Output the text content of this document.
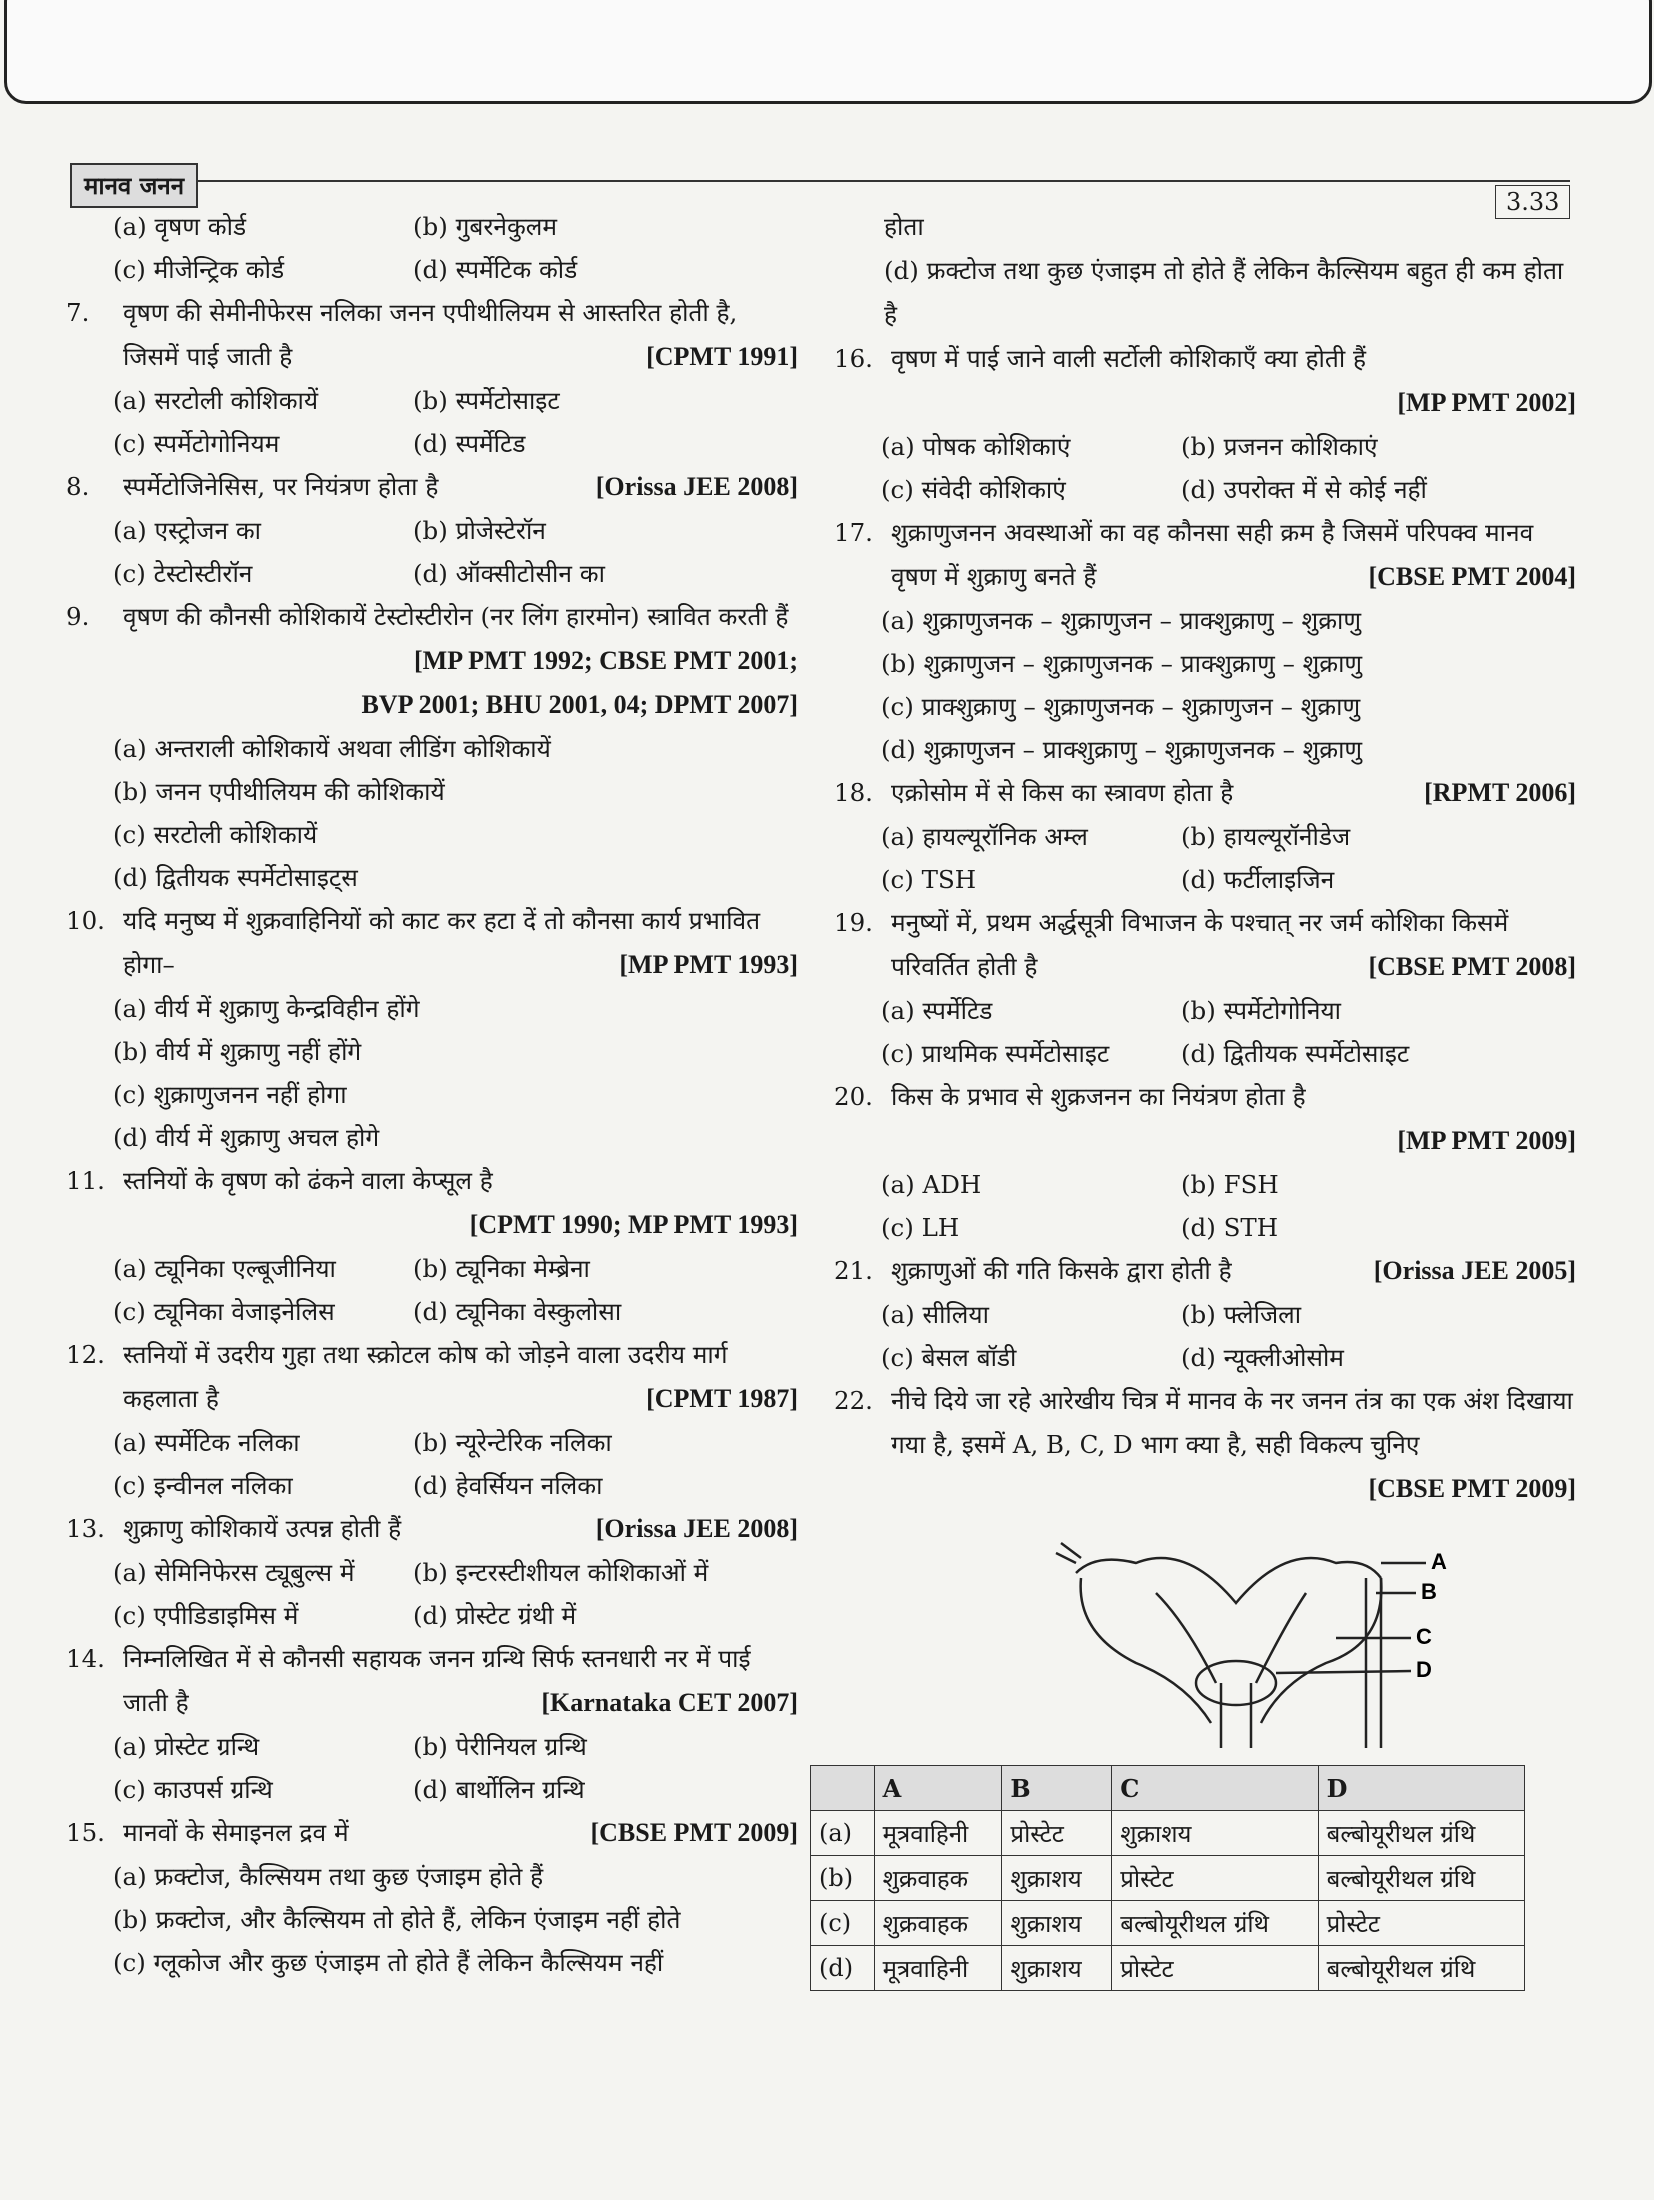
मानव जनन
3.33
(a) वृषण कोर्ड	(b) गुबरनेकुलम
(c) मीजेन्ट्रिक कोर्ड	(d) स्पर्मेटिक कोर्ड
7. वृषण की सेमीनीफेरस नलिका जनन एपीथीलियम से आस्तरित होती है, जिसमें पाई जाती है	[CPMT 1991]
(a) सरटोली कोशिकायें	(b) स्पर्मेटोसाइट
(c) स्पर्मेटोगोनियम	(d) स्पर्मेटिड
8. स्पर्मेटोजिनेसिस, पर नियंत्रण होता है	[Orissa JEE 2008]
(a) एस्ट्रोजन का	(b) प्रोजेस्टेरॉन
(c) टेस्टोस्टीरॉन	(d) ऑक्सीटोसीन का
9. वृषण की कौनसी कोशिकायें टेस्टोस्टीरोन (नर लिंग हारमोन) स्त्रावित करती हैं
[MP PMT 1992; CBSE PMT 2001;
BVP 2001; BHU 2001, 04; DPMT 2007]
(a) अन्तराली कोशिकायें अथवा लीडिंग कोशिकायें
(b) जनन एपीथीलियम की कोशिकायें
(c) सरटोली कोशिकायें
(d) द्वितीयक स्पर्मेटोसाइट्स
10. यदि मनुष्य में शुक्रवाहिनियों को काट कर हटा दें तो कौनसा कार्य प्रभावित होगा–	[MP PMT 1993]
(a) वीर्य में शुक्राणु केन्द्रविहीन होंगे
(b) वीर्य में शुक्राणु नहीं होंगे
(c) शुक्राणुजनन नहीं होगा
(d) वीर्य में शुक्राणु अचल होगे
11. स्तनियों के वृषण को ढंकने वाला केप्सूल है
[CPMT 1990; MP PMT 1993]
(a) ट्यूनिका एल्बूजीनिया	(b) ट्यूनिका मेम्ब्रेना
(c) ट्यूनिका वेजाइनेलिस	(d) ट्यूनिका वेस्कुलोसा
12. स्तनियों में उदरीय गुहा तथा स्क्रोटल कोष को जोड़ने वाला उदरीय मार्ग कहलाता है	[CPMT 1987]
(a) स्पर्मेटिक नलिका	(b) न्यूरेन्टेरिक नलिका
(c) इन्वीनल नलिका	(d) हेवर्सियन नलिका
13. शुक्राणु कोशिकायें उत्पन्न होती हैं	[Orissa JEE 2008]
(a) सेमिनिफेरस ट्यूबुल्स में	(b) इन्टरस्टीशीयल कोशिकाओं में
(c) एपीडिडाइमिस में	(d) प्रोस्टेट ग्रंथी में
14. निम्नलिखित में से कौनसी सहायक जनन ग्रन्थि सिर्फ स्तनधारी नर में पाई जाती है	[Karnataka CET 2007]
(a) प्रोस्टेट ग्रन्थि	(b) पेरीनियल ग्रन्थि
(c) काउपर्स ग्रन्थि	(d) बार्थोलिन ग्रन्थि
15. मानवों के सेमाइनल द्रव में	[CBSE PMT 2009]
(a) फ्रक्टोज, कैल्सियम तथा कुछ एंजाइम होते हैं
(b) फ्रक्टोज, और कैल्सियम तो होते हैं, लेकिन एंजाइम नहीं होते
(c) ग्लूकोज और कुछ एंजाइम तो होते हैं लेकिन कैल्सियम नहीं
होता
(d) फ्रक्टोज तथा कुछ एंजाइम तो होते हैं लेकिन कैल्सियम बहुत ही कम होता है
16. वृषण में पाई जाने वाली सर्टोली कोशिकाएँ क्या होती हैं
[MP PMT 2002]
(a) पोषक कोशिकाएं	(b) प्रजनन कोशिकाएं
(c) संवेदी कोशिकाएं	(d) उपरोक्त में से कोई नहीं
17. शुक्राणुजनन अवस्थाओं का वह कौनसा सही क्रम है जिसमें परिपक्व मानव वृषण में शुक्राणु बनते हैं	[CBSE PMT 2004]
(a) शुक्राणुजनक – शुक्राणुजन – प्राक्शुक्राणु – शुक्राणु
(b) शुक्राणुजन – शुक्राणुजनक – प्राक्शुक्राणु – शुक्राणु
(c) प्राक्शुक्राणु – शुक्राणुजनक – शुक्राणुजन – शुक्राणु
(d) शुक्राणुजन – प्राक्शुक्राणु – शुक्राणुजनक – शुक्राणु
18. एक्रोसोम में से किस का स्त्रावण होता है	[RPMT 2006]
(a) हायल्यूरॉनिक अम्ल	(b) हायल्यूरॉनीडेज
(c) TSH	(d) फर्टीलाइजिन
19. मनुष्यों में, प्रथम अर्द्धसूत्री विभाजन के पश्चात् नर जर्म कोशिका किसमें परिवर्तित होती है	[CBSE PMT 2008]
(a) स्पर्मेटिड	(b) स्पर्मेटोगोनिया
(c) प्राथमिक स्पर्मेटोसाइट	(d) द्वितीयक स्पर्मेटोसाइट
20. किस के प्रभाव से शुक्रजनन का नियंत्रण होता है
[MP PMT 2009]
(a) ADH	(b) FSH
(c) LH	(d) STH
21. शुक्राणुओं की गति किसके द्वारा होती है	[Orissa JEE 2005]
(a) सीलिया	(b) फ्लेजिला
(c) बेसल बॉडी	(d) न्यूक्लीओसोम
22. नीचे दिये जा रहे आरेखीय चित्र में मानव के नर जनन तंत्र का एक अंश दिखाया गया है, इसमें A, B, C, D भाग क्या है, सही विकल्प चुनिए
[CBSE PMT 2009]
A
B
C
D
	A	B	C	D
(a)	मूत्रवाहिनी	प्रोस्टेट	शुक्राशय	बल्बोयूरीथल ग्रंथि
(b)	शुक्रवाहक	शुक्राशय	प्रोस्टेट	बल्बोयूरीथल ग्रंथि
(c)	शुक्रवाहक	शुक्राशय	बल्बोयूरीथल ग्रंथि	प्रोस्टेट
(d)	मूत्रवाहिनी	शुक्राशय	प्रोस्टेट	बल्बोयूरीथल ग्रंथि
